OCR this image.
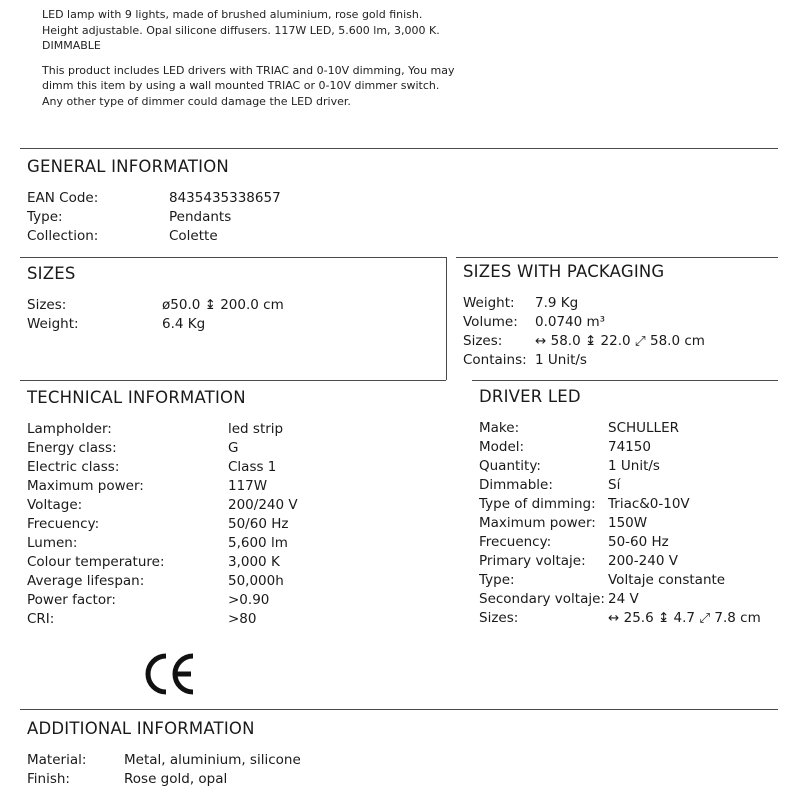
LED lamp with 9 lights, made of brushed aluminium, rose gold finish. Height adjustable. Opal silicone diffusers. 117W LED, 5.600 lm, 3,000 K. DIMMABLE

This product includes LED drivers with TRIAC and 0-10V dimming, You may dimm this item by using a wall mounted TRIAC or 0-10V dimmer switch. Any other type of dimmer could damage the LED driver.

GENERAL INFORMATION
EAN Code:	8435435338657
Type:	Pendants
Collection:	Colette
SIZES
Sizes:	ø50.0 ↨ 200.0 cm
Weight:	6.4 Kg
SIZES WITH PACKAGING
Weight:	7.9 Kg
Volume:	0.0740 m³
Sizes:	↔ 58.0 ↨ 22.0 ⤢ 58.0 cm
Contains: 1 Unit/s
TECHNICAL INFORMATION
Lampholder:	led strip
Energy class:	G
Electric class:	Class 1
Maximum power:	117W
Voltage:	200/240 V
Frecuency:	50/60 Hz
Lumen:	5,600 lm
Colour temperature:	3,000 K
Average lifespan:	50,000h
Power factor:	>0.90
CRI:	>80
DRIVER LED
Make:	SCHULLER
Model:	74150
Quantity:	1 Unit/s
Dimmable:	Sí
Type of dimming: Triac&0-10V
Maximum power: 150W
Frecuency:	50-60 Hz
Primary voltaje:	200-240 V
Type:	Voltaje constante
Secondary voltaje: 24 V
Sizes:	↔ 25.6 ↨ 4.7 ⤢ 7.8 cm
ADDITIONAL INFORMATION
Material:	Metal, aluminium, silicone
Finish:	Rose gold, opal
